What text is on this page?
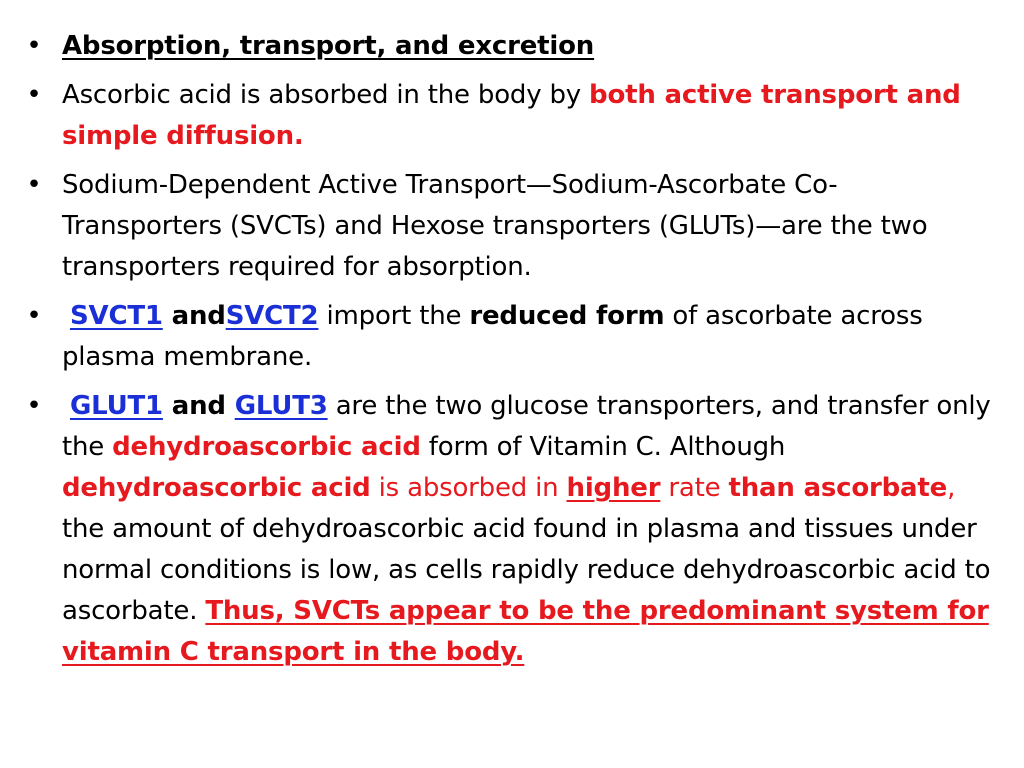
• Absorption, transport, and excretion
• Ascorbic acid is absorbed in the body by both active transport and simple diffusion.
• Sodium-Dependent Active Transport—Sodium-Ascorbate Co-Transporters (SVCTs) and Hexose transporters (GLUTs)—are the two transporters required for absorption.
• SVCT1 andSVCT2 import the reduced form of ascorbate across plasma membrane.
• GLUT1 and GLUT3 are the two glucose transporters, and transfer only the dehydroascorbic acid form of Vitamin C. Although dehydroascorbic acid is absorbed in higher rate than ascorbate, the amount of dehydroascorbic acid found in plasma and tissues under normal conditions is low, as cells rapidly reduce dehydroascorbic acid to ascorbate. Thus, SVCTs appear to be the predominant system for vitamin C transport in the body.
